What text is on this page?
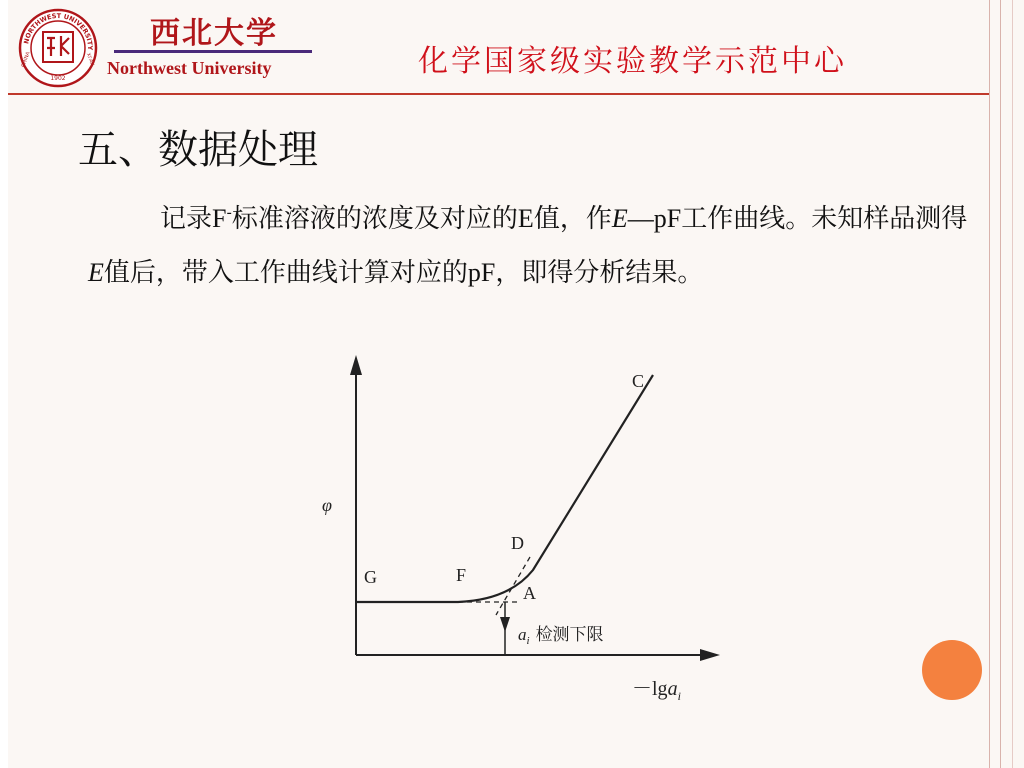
NORTHWEST UNIVERSITY
1902
XI'AN
CHINA
西北大学
Northwest University	化学国家级实验教学示范中心
五、数据处理
记录F-标准溶液的浓度及对应的E值，作E—pF工作曲线。未知样品测得E值后，带入工作曲线计算对应的pF，即得分析结果。
φ
C
D
G	F
A
$a_i$ 检测下限
－lga$_i$
